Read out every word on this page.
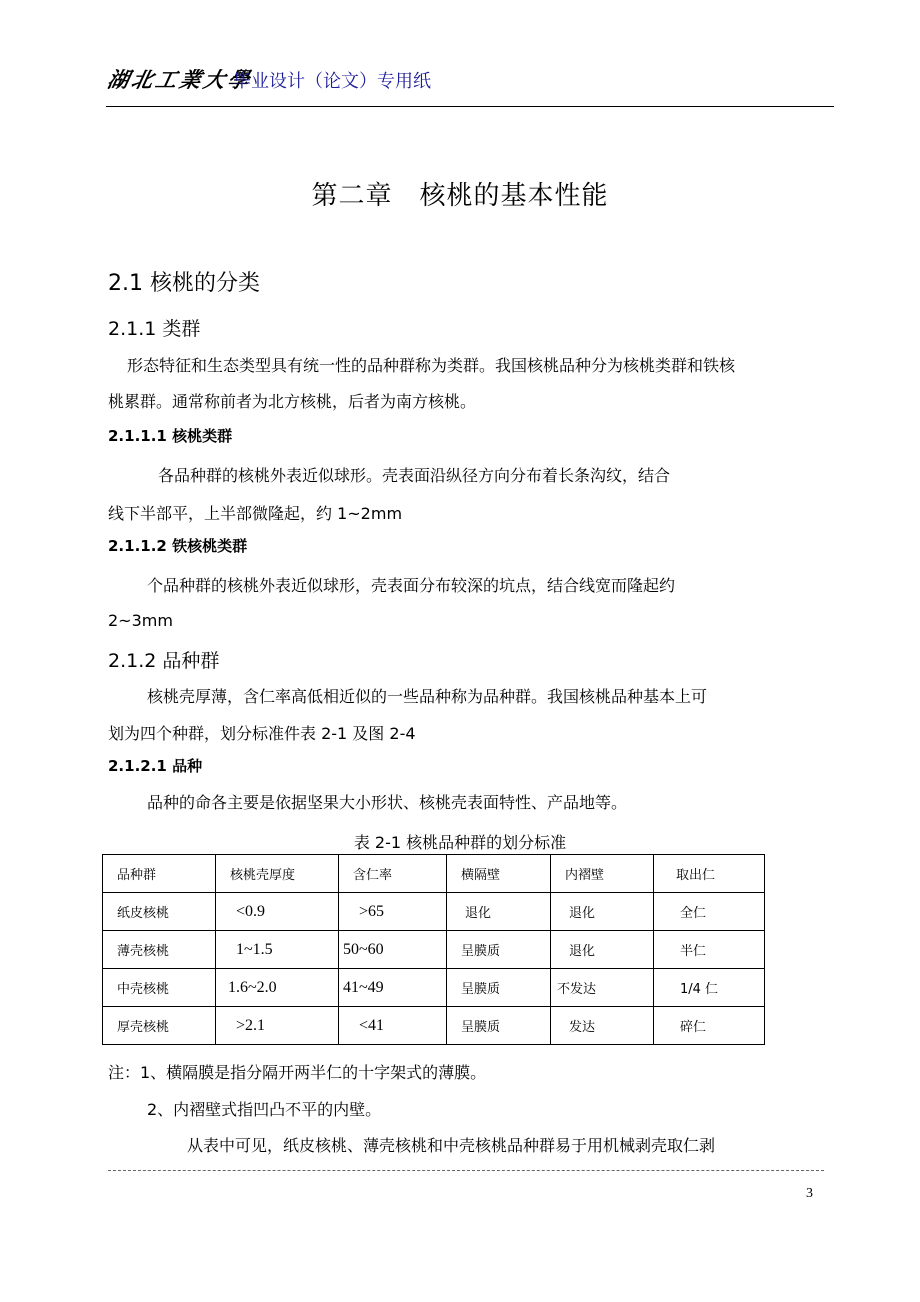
湖北工業大學
毕业设计（论文）专用纸
第二章　核桃的基本性能
2.1 核桃的分类
2.1.1 类群
形态特征和生态类型具有统一性的品种群称为类群。我国核桃品种分为核桃类群和铁核
桃累群。通常称前者为北方核桃，后者为南方核桃。
2.1.1.1 核桃类群
各品种群的核桃外表近似球形。壳表面沿纵径方向分布着长条沟纹，结合
线下半部平，上半部微隆起，约 1~2mm
2.1.1.2 铁核桃类群
个品种群的核桃外表近似球形，壳表面分布较深的坑点，结合线宽而隆起约
2~3mm
2.1.2 品种群
核桃壳厚薄，含仁率高低相近似的一些品种称为品种群。我国核桃品种基本上可
划为四个种群，划分标准件表 2-1 及图 2-4
2.1.2.1 品种
品种的命各主要是依据坚果大小形状、核桃壳表面特性、产品地等。
表 2-1 核桃品种群的划分标准
品种群	核桃壳厚度	含仁率	横隔壁	内褶壁	取出仁
纸皮核桃	<0.9	>65	退化	退化	全仁
薄壳核桃	1~1.5	50~60	呈膜质	退化	半仁
中壳核桃	1.6~2.0	41~49	呈膜质	不发达	1/4 仁
厚壳核桃	>2.1	<41	呈膜质	发达	碎仁
注：1、横隔膜是指分隔开两半仁的十字架式的薄膜。
2、内褶壁式指凹凸不平的内壁。
从表中可见，纸皮核桃、薄壳核桃和中壳核桃品种群易于用机械剥壳取仁剥
3
